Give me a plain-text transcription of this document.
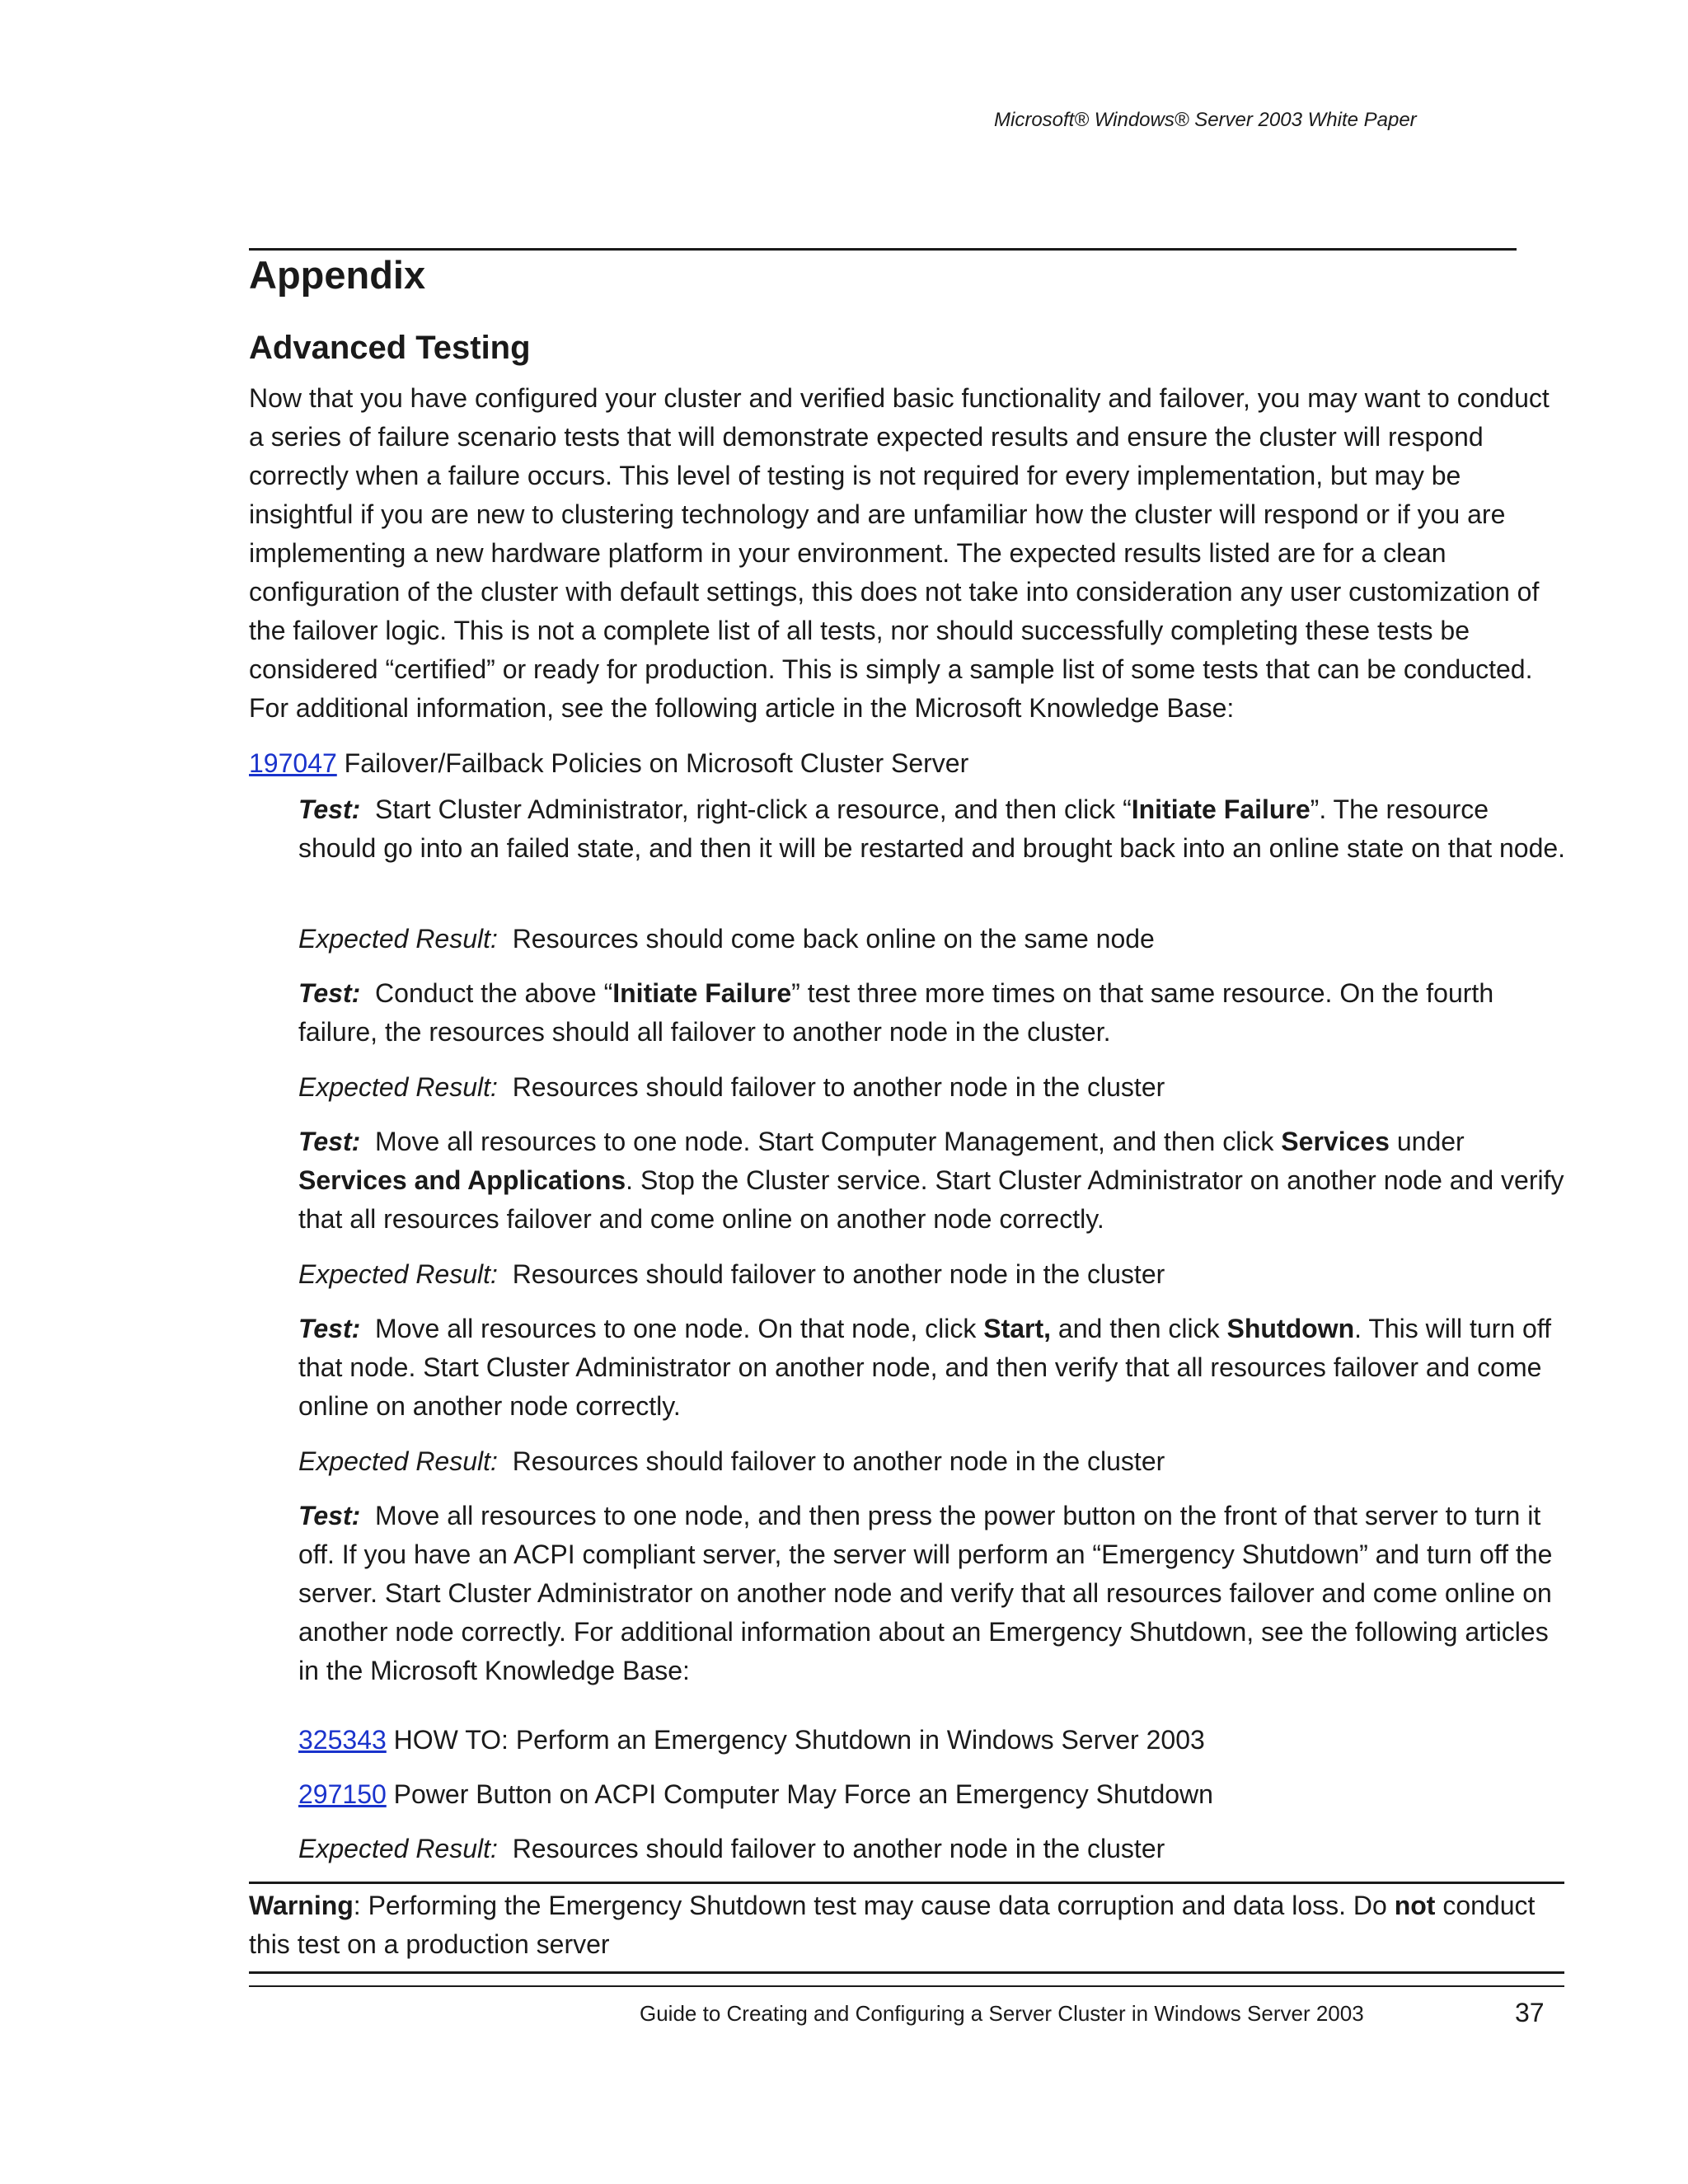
Microsoft® Windows® Server 2003 White Paper
Appendix
Advanced Testing

Now that you have configured your cluster and verified basic functionality and failover, you may want to conduct a series of failure scenario tests that will demonstrate expected results and ensure the cluster will respond correctly when a failure occurs. This level of testing is not required for every implementation, but may be insightful if you are new to clustering technology and are unfamiliar how the cluster will respond or if you are implementing a new hardware platform in your environment. The expected results listed are for a clean configuration of the cluster with default settings, this does not take into consideration any user customization of the failover logic. This is not a complete list of all tests, nor should successfully completing these tests be considered “certified” or ready for production. This is simply a sample list of some tests that can be conducted. For additional information, see the following article in the Microsoft Knowledge Base:

197047 Failover/Failback Policies on Microsoft Cluster Server

Test: Start Cluster Administrator, right-click a resource, and then click “Initiate Failure”. The resource should go into an failed state, and then it will be restarted and brought back into an online state on that node.

Expected Result: Resources should come back online on the same node

Test: Conduct the above “Initiate Failure” test three more times on that same resource. On the fourth failure, the resources should all failover to another node in the cluster.

Expected Result: Resources should failover to another node in the cluster

Test: Move all resources to one node. Start Computer Management, and then click Services under Services and Applications. Stop the Cluster service. Start Cluster Administrator on another node and verify that all resources failover and come online on another node correctly.

Expected Result: Resources should failover to another node in the cluster

Test: Move all resources to one node. On that node, click Start, and then click Shutdown. This will turn off that node. Start Cluster Administrator on another node, and then verify that all resources failover and come online on another node correctly.

Expected Result: Resources should failover to another node in the cluster

Test: Move all resources to one node, and then press the power button on the front of that server to turn it off. If you have an ACPI compliant server, the server will perform an “Emergency Shutdown” and turn off the server. Start Cluster Administrator on another node and verify that all resources failover and come online on another node correctly. For additional information about an Emergency Shutdown, see the following articles in the Microsoft Knowledge Base:

325343 HOW TO: Perform an Emergency Shutdown in Windows Server 2003

297150 Power Button on ACPI Computer May Force an Emergency Shutdown

Expected Result: Resources should failover to another node in the cluster

Warning: Performing the Emergency Shutdown test may cause data corruption and data loss. Do not conduct this test on a production server

Guide to Creating and Configuring a Server Cluster in Windows Server 2003	37
